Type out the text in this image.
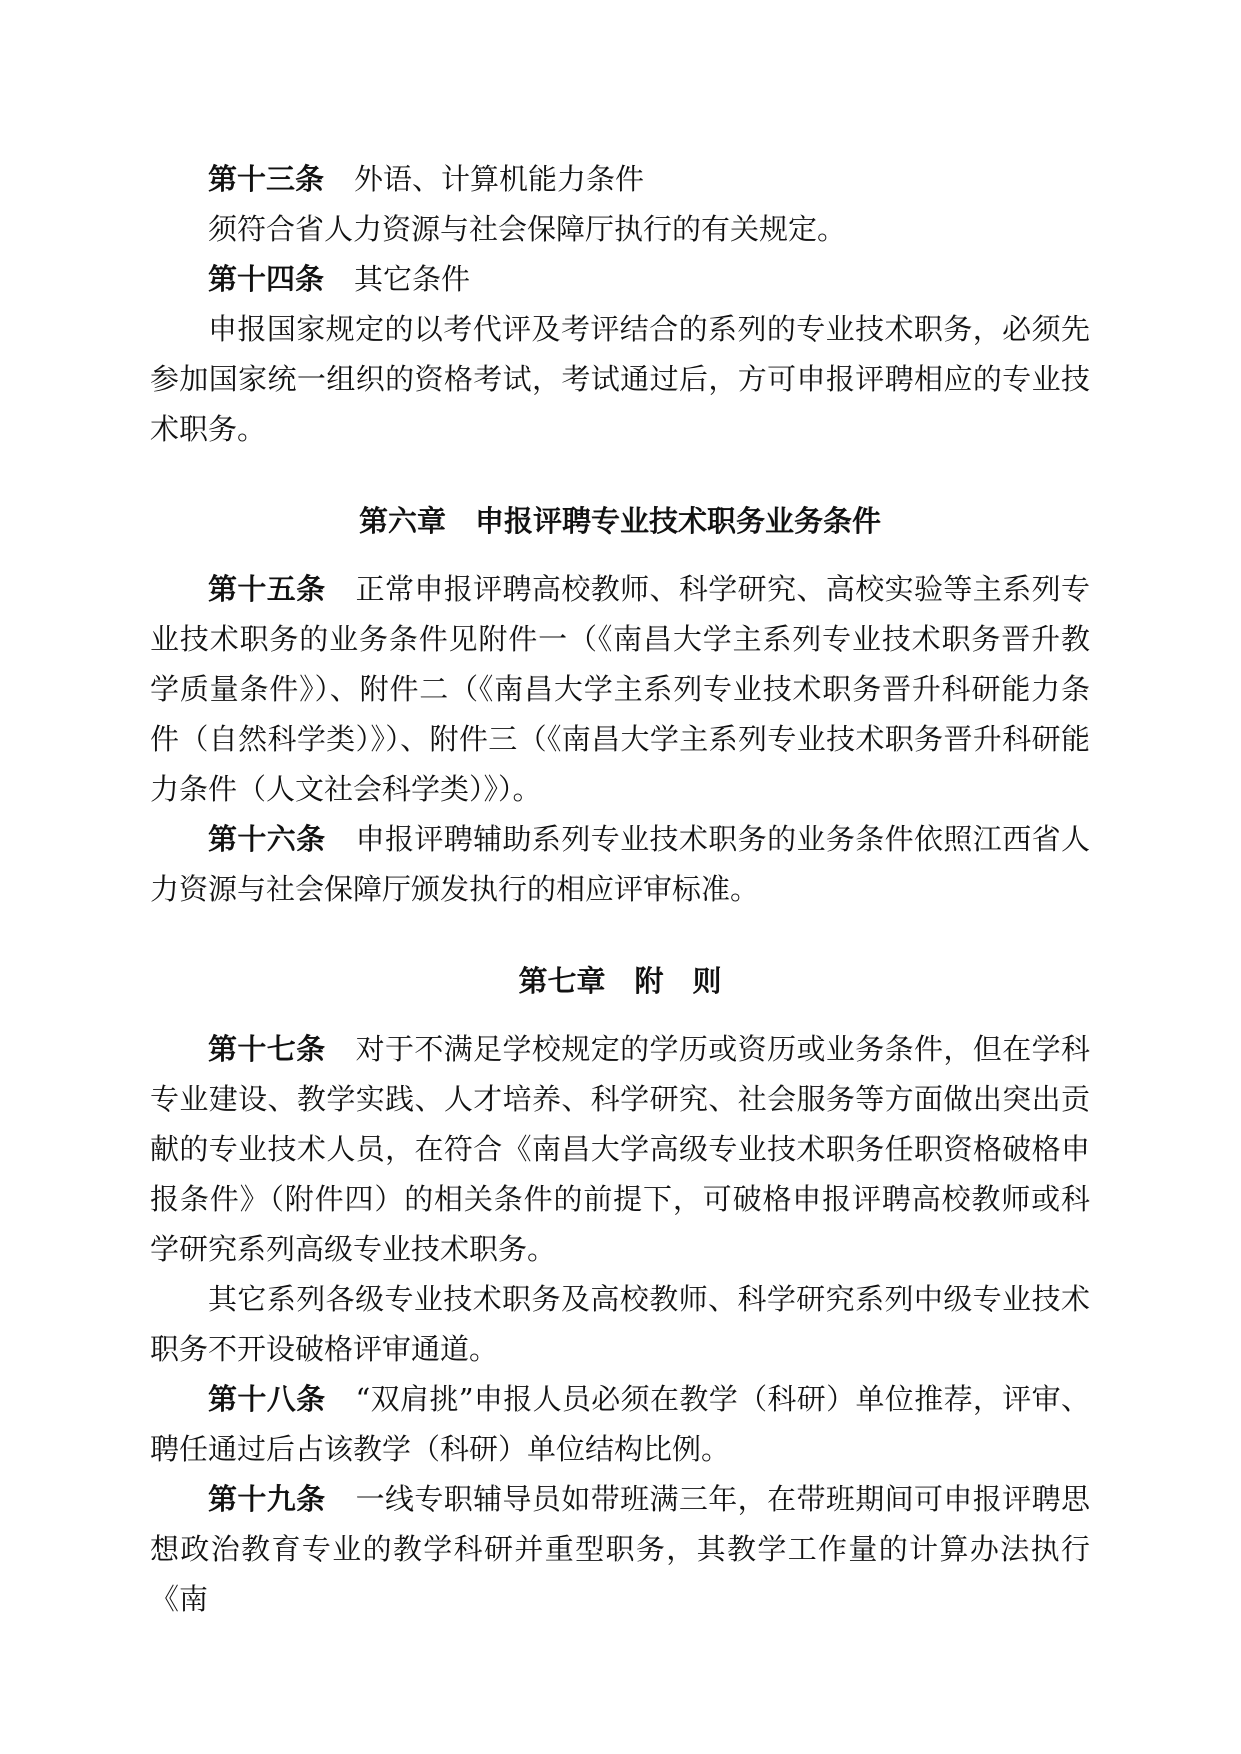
第十三条 外语、计算机能力条件

须符合省人力资源与社会保障厅执行的有关规定。

第十四条 其它条件

申报国家规定的以考代评及考评结合的系列的专业技术职务，必须先参加国家统一组织的资格考试，考试通过后，方可申报评聘相应的专业技术职务。

第六章　申报评聘专业技术职务业务条件

第十五条 正常申报评聘高校教师、科学研究、高校实验等主系列专业技术职务的业务条件见附件一（《南昌大学主系列专业技术职务晋升教学质量条件》）、附件二（《南昌大学主系列专业技术职务晋升科研能力条件（自然科学类）》）、附件三（《南昌大学主系列专业技术职务晋升科研能力条件（人文社会科学类）》）。

第十六条 申报评聘辅助系列专业技术职务的业务条件依照江西省人力资源与社会保障厅颁发执行的相应评审标准。

第七章　附　则

第十七条 对于不满足学校规定的学历或资历或业务条件，但在学科专业建设、教学实践、人才培养、科学研究、社会服务等方面做出突出贡献的专业技术人员，在符合《南昌大学高级专业技术职务任职资格破格申报条件》（附件四）的相关条件的前提下，可破格申报评聘高校教师或科学研究系列高级专业技术职务。

其它系列各级专业技术职务及高校教师、科学研究系列中级专业技术职务不开设破格评审通道。

第十八条 “双肩挑”申报人员必须在教学（科研）单位推荐，评审、聘任通过后占该教学（科研）单位结构比例。

第十九条 一线专职辅导员如带班满三年，在带班期间可申报评聘思想政治教育专业的教学科研并重型职务，其教学工作量的计算办法执行《南
